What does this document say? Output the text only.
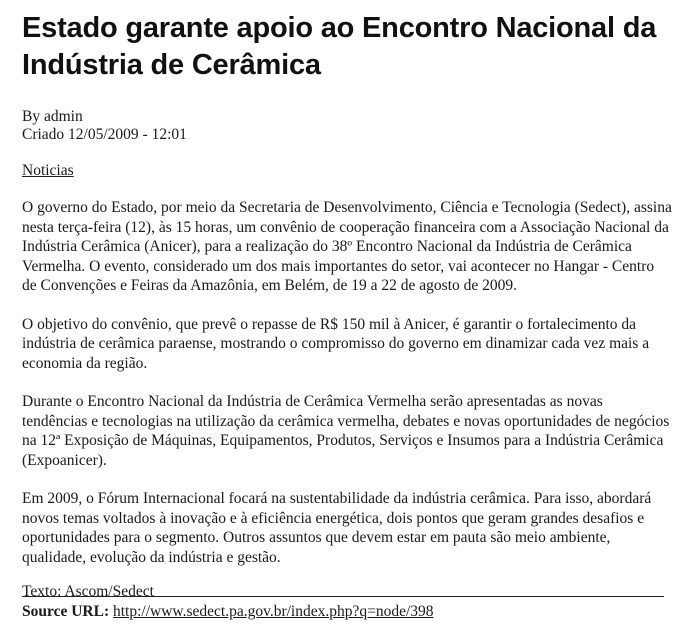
Estado garante apoio ao Encontro Nacional da Indústria de Cerâmica
By admin
Criado 12/05/2009 - 12:01
Noticias

O governo do Estado, por meio da Secretaria de Desenvolvimento, Ciência e Tecnologia (Sedect), assina nesta terça-feira (12), às 15 horas, um convênio de cooperação financeira com a Associação Nacional da Indústria Cerâmica (Anicer), para a realização do 38º Encontro Nacional da Indústria de Cerâmica Vermelha. O evento, considerado um dos mais importantes do setor, vai acontecer no Hangar - Centro de Convenções e Feiras da Amazônia, em Belém, de 19 a 22 de agosto de 2009.

O objetivo do convênio, que prevê o repasse de R$ 150 mil à Anicer, é garantir o fortalecimento da indústria de cerâmica paraense, mostrando o compromisso do governo em dinamizar cada vez mais a economia da região.

Durante o Encontro Nacional da Indústria de Cerâmica Vermelha serão apresentadas as novas tendências e tecnologias na utilização da cerâmica vermelha, debates e novas oportunidades de negócios na 12ª Exposição de Máquinas, Equipamentos, Produtos, Serviços e Insumos para a Indústria Cerâmica (Expoanicer).

Em 2009, o Fórum Internacional focará na sustentabilidade da indústria cerâmica. Para isso, abordará novos temas voltados à inovação e à eficiência energética, dois pontos que geram grandes desafios e oportunidades para o segmento. Outros assuntos que devem estar em pauta são meio ambiente, qualidade, evolução da indústria e gestão.

Texto: Ascom/Sedect
Source URL: http://www.sedect.pa.gov.br/index.php?q=node/398
